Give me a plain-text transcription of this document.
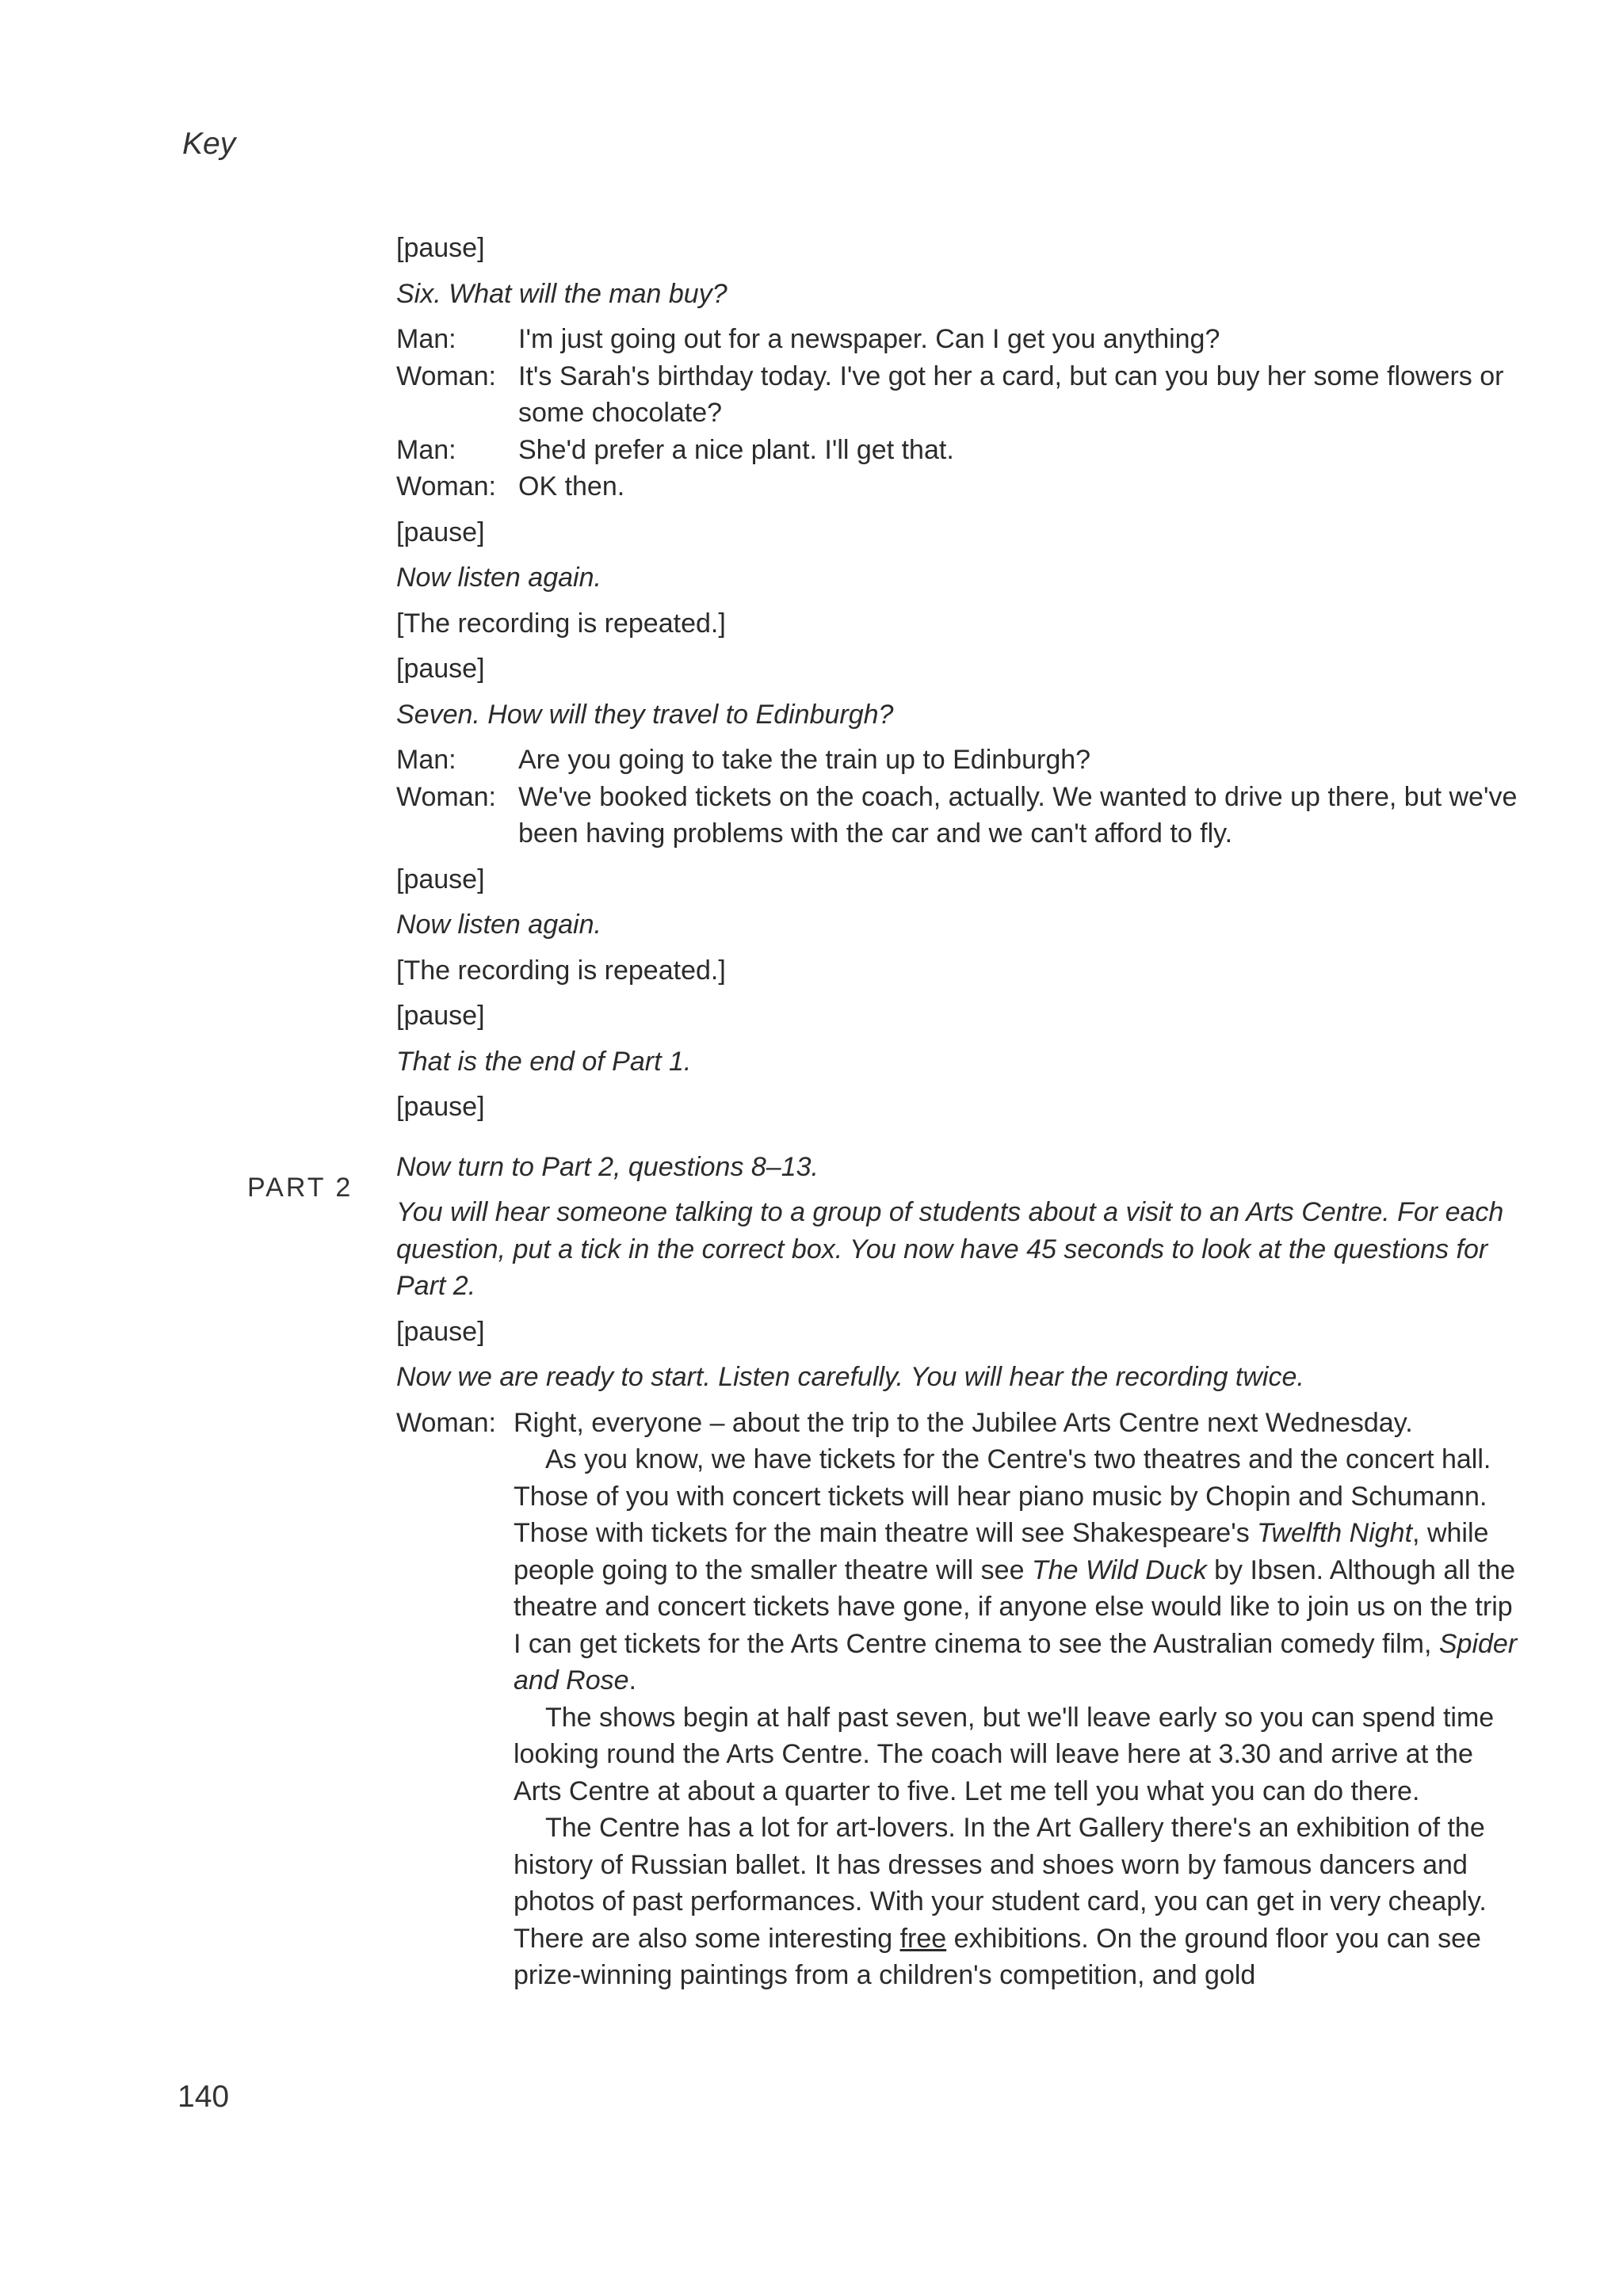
Key
PART 2
[pause]
Six. What will the man buy?
Man:	I'm just going out for a newspaper. Can I get you anything?
Woman: It's Sarah's birthday today. I've got her a card, but can you buy her some flowers or some chocolate?
Man:	She'd prefer a nice plant. I'll get that.
Woman: OK then.
[pause]
Now listen again.
[The recording is repeated.]
[pause]
Seven. How will they travel to Edinburgh?
Man:	Are you going to take the train up to Edinburgh?
Woman: We've booked tickets on the coach, actually. We wanted to drive up there, but we've been having problems with the car and we can't afford to fly.
[pause]
Now listen again.
[The recording is repeated.]
[pause]
That is the end of Part 1.
[pause]
Now turn to Part 2, questions 8–13.
You will hear someone talking to a group of students about a visit to an Arts Centre. For each question, put a tick in the correct box. You now have 45 seconds to look at the questions for Part 2.
[pause]
Now we are ready to start. Listen carefully. You will hear the recording twice.
Woman: Right, everyone – about the trip to the Jubilee Arts Centre next Wednesday.

As you know, we have tickets for the Centre's two theatres and the concert hall. Those of you with concert tickets will hear piano music by Chopin and Schumann. Those with tickets for the main theatre will see Shakespeare's Twelfth Night, while people going to the smaller theatre will see The Wild Duck by Ibsen. Although all the theatre and concert tickets have gone, if anyone else would like to join us on the trip I can get tickets for the Arts Centre cinema to see the Australian comedy film, Spider and Rose.

The shows begin at half past seven, but we'll leave early so you can spend time looking round the Arts Centre. The coach will leave here at 3.30 and arrive at the Arts Centre at about a quarter to five. Let me tell you what you can do there.

The Centre has a lot for art-lovers. In the Art Gallery there's an exhibition of the history of Russian ballet. It has dresses and shoes worn by famous dancers and photos of past performances. With your student card, you can get in very cheaply. There are also some interesting free exhibitions. On the ground floor you can see prize-winning paintings from a children's competition, and gold

140
